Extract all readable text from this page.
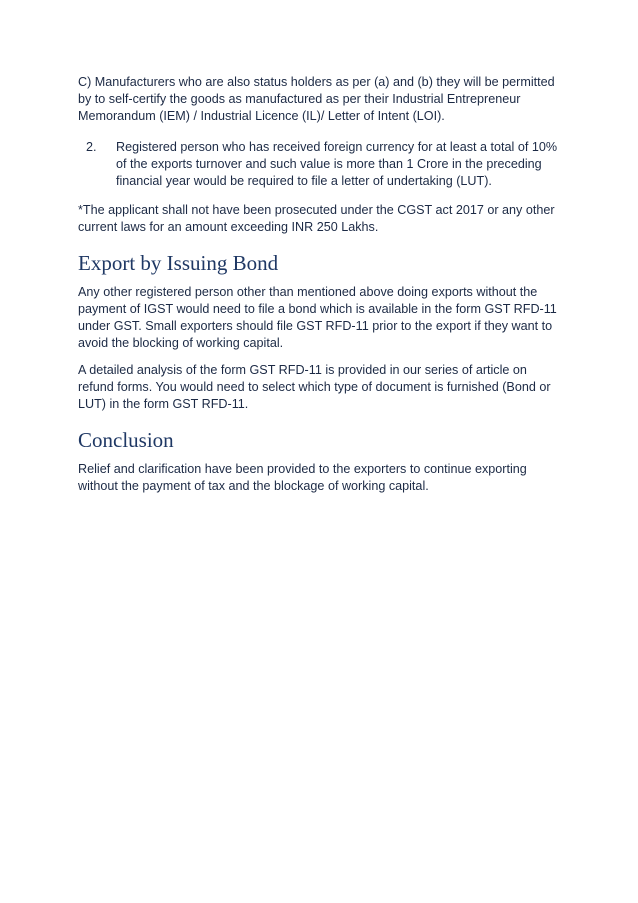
C) Manufacturers who are also status holders as per (a) and (b) they will be permitted by to self-certify the goods as manufactured as per their Industrial Entrepreneur Memorandum (IEM) / Industrial Licence (IL)/ Letter of Intent (LOI).

2. Registered person who has received foreign currency for at least a total of 10% of the exports turnover and such value is more than 1 Crore in the preceding financial year would be required to file a letter of undertaking (LUT).

*The applicant shall not have been prosecuted under the CGST act 2017 or any other current laws for an amount exceeding INR 250 Lakhs.

Export by Issuing Bond

Any other registered person other than mentioned above doing exports without the payment of IGST would need to file a bond which is available in the form GST RFD-11 under GST. Small exporters should file GST RFD-11 prior to the export if they want to avoid the blocking of working capital.

A detailed analysis of the form GST RFD-11 is provided in our series of article on refund forms. You would need to select which type of document is furnished (Bond or LUT) in the form GST RFD-11.

Conclusion

Relief and clarification have been provided to the exporters to continue exporting without the payment of tax and the blockage of working capital.
